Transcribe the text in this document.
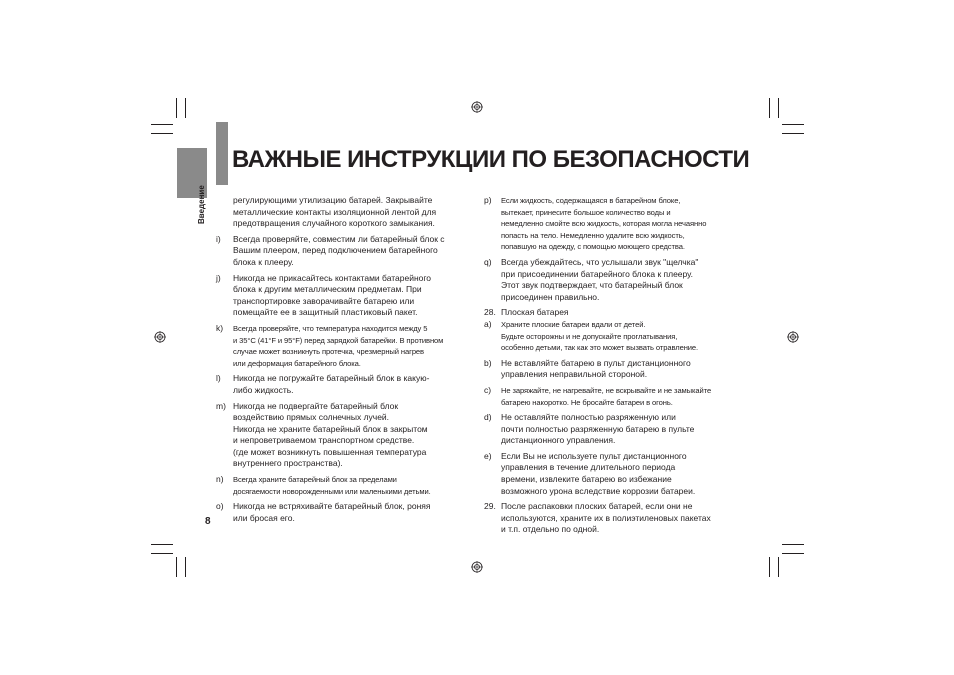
Введение
ВАЖНЫЕ ИНСТРУКЦИИ ПО БЕЗОПАСНОСТИ
регулирующими утилизацию батарей. Закрывайте
металлические контакты изоляционной лентой для
предотвращения случайного короткого замыкания.
i)	Всегда проверяйте, совместим ли батарейный блок с
Вашим плеером, перед подключением батарейного
блока к плееру.
j)	Никогда не прикасайтесь контактами батарейного
блока к другим металлическим предметам. При
транспортировке заворачивайте батарею или
помещайте ее в защитный пластиковый пакет.
k)	Всегда проверяйте, что температура находится между 5
и 35°C (41°F и 95°F) перед зарядкой батарейки. В противном
случае может возникнуть протечка, чрезмерный нагрев
или деформация батарейного блока.
l)	Никогда не погружайте батарейный блок в какую-
либо жидкость.
m) Никогда не подвергайте батарейный блок
воздействию прямых солнечных лучей.
Никогда не храните батарейный блок в закрытом
и непроветриваемом транспортном средстве.
(где может возникнуть повышенная температура
внутреннего пространства).
n)	Всегда храните батарейный блок за пределами
досягаемости новорожденными или маленькими детьми.
o)	Никогда не встряхивайте батарейный блок, роняя
или бросая его.
p)	Если жидкость, содержащаяся в батарейном блоке,
вытекает, принесите большое количество воды и
немедленно смойте всю жидкость, которая могла нечаянно
попасть на тело. Немедленно удалите всю жидкость,
попавшую на одежду, с помощью моющего средства.
q)	Всегда убеждайтесь, что услышали звук "щелчка"
при присоединении батарейного блока к плееру.
Этот звук подтверждает, что батарейный блок
присоединен правильно.
28. Плоская батарея
a)	Храните плоские батареи вдали от детей.
Будьте осторожны и не допускайте проглатывания,
особенно детьми, так как это может вызвать отравление.
b)	Не вставляйте батарею в пульт дистанционного
управления неправильной стороной.
c)	Не заряжайте, не нагревайте, не вскрывайте и не замыкайте
батарею накоротко. Не бросайте батареи в огонь.
d)	Не оставляйте полностью разряженную или
почти полностью разряженную батарею в пульте
дистанционного управления.
e)	Если Вы не используете пульт дистанционного
управления в течение длительного периода
времени, извлеките батарею во избежание
возможного урона вследствие коррозии батареи.
29. После распаковки плоских батарей, если они не
используются, храните их в полиэтиленовых пакетах
и т.п. отдельно по одной.
8
